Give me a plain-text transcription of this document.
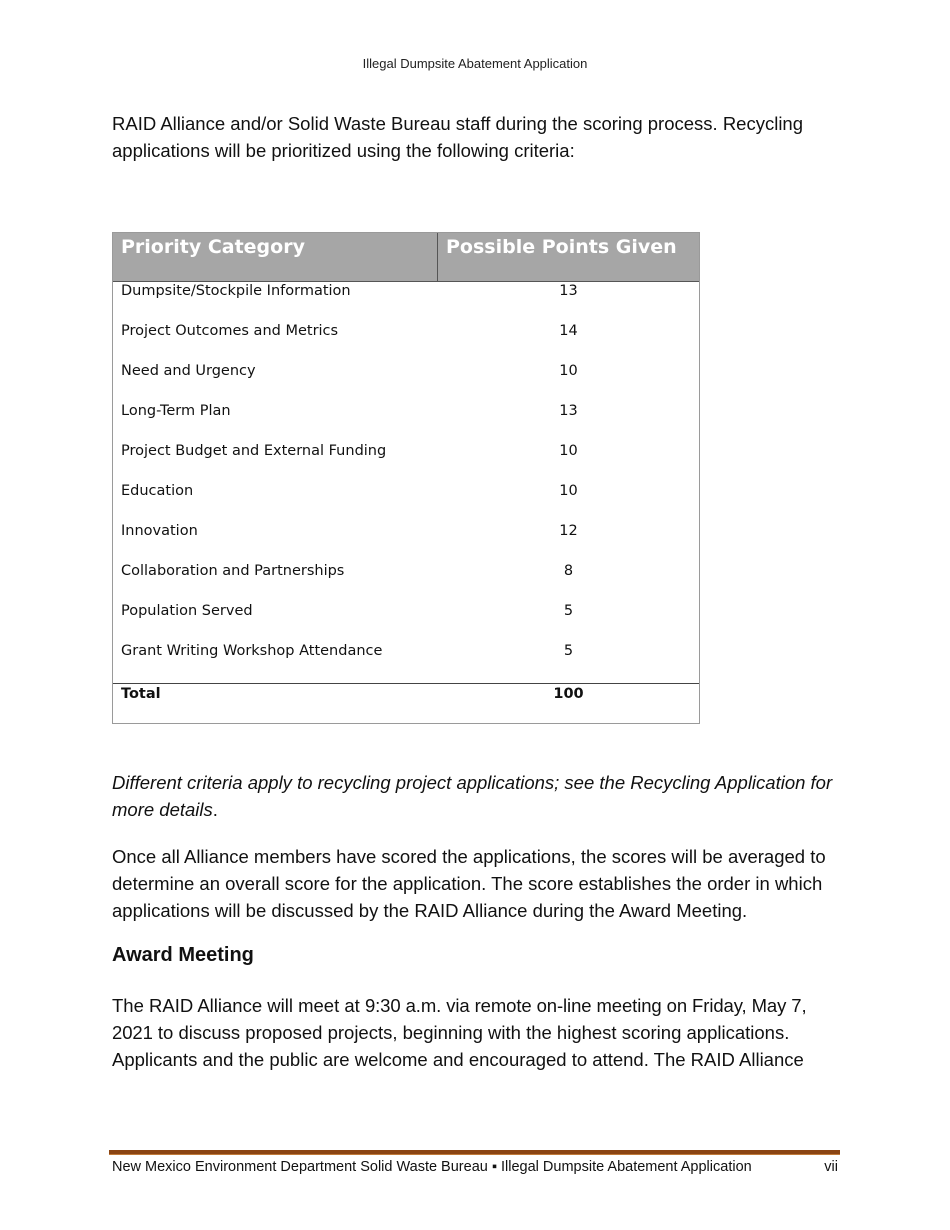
Illegal Dumpsite Abatement Application

RAID Alliance and/or Solid Waste Bureau staff during the scoring process. Recycling applications will be prioritized using the following criteria:

Priority Category	Possible Points Given
Dumpsite/Stockpile Information	13
Project Outcomes and Metrics	14
Need and Urgency	10
Long-Term Plan	13
Project Budget and External Funding	10
Education	10
Innovation	12
Collaboration and Partnerships	8
Population Served	5
Grant Writing Workshop Attendance	5
Total	100

Different criteria apply to recycling project applications; see the Recycling Application for more details.

Once all Alliance members have scored the applications, the scores will be averaged to determine an overall score for the application. The score establishes the order in which applications will be discussed by the RAID Alliance during the Award Meeting.

Award Meeting

The RAID Alliance will meet at 9:30 a.m. via remote on-line meeting on Friday, May 7, 2021 to discuss proposed projects, beginning with the highest scoring applications. Applicants and the public are welcome and encouraged to attend. The RAID Alliance

New Mexico Environment Department Solid Waste Bureau ▪ Illegal Dumpsite Abatement Application	vii
